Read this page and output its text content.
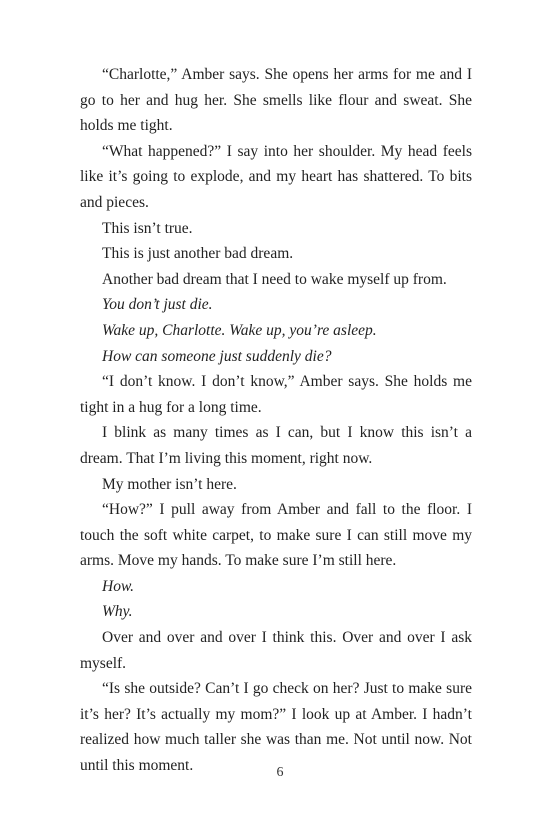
“Charlotte,” Amber says. She opens her arms for me and I go to her and hug her. She smells like flour and sweat. She holds me tight.

“What happened?” I say into her shoulder. My head feels like it’s going to explode, and my heart has shattered. To bits and pieces.

This isn’t true.

This is just another bad dream.

Another bad dream that I need to wake myself up from.

You don’t just die.

Wake up, Charlotte. Wake up, you’re asleep.

How can someone just suddenly die?

“I don’t know. I don’t know,” Amber says. She holds me tight in a hug for a long time.

I blink as many times as I can, but I know this isn’t a dream. That I’m living this moment, right now.

My mother isn’t here.

“How?” I pull away from Amber and fall to the floor. I touch the soft white carpet, to make sure I can still move my arms. Move my hands. To make sure I’m still here.

How.

Why.

Over and over and over I think this. Over and over I ask myself.

“Is she outside? Can’t I go check on her? Just to make sure it’s her? It’s actually my mom?” I look up at Amber. I hadn’t realized how much taller she was than me. Not until now. Not until this moment.	6
